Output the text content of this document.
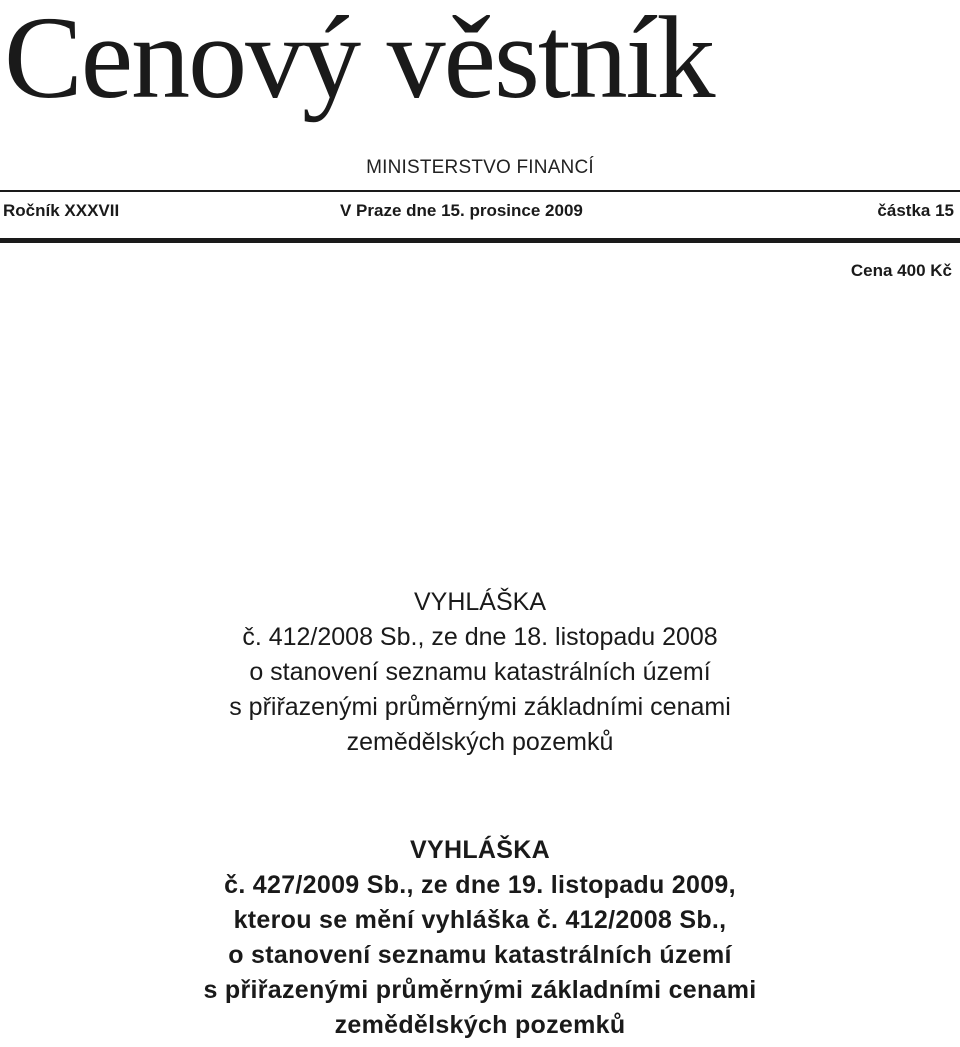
Cenový věstník
MINISTERSTVO FINANCÍ
Ročník XXXVII	V Praze dne 15. prosince 2009	částka 15
Cena 400 Kč
VYHLÁŠKA
č. 412/2008 Sb., ze dne 18. listopadu 2008
o stanovení seznamu katastrálních území
s přiřazenými průměrnými základními cenami
zemědělských pozemků
VYHLÁŠKA
č. 427/2009 Sb., ze dne 19. listopadu 2009,
kterou se mění vyhláška č. 412/2008 Sb.,
o stanovení seznamu katastrálních území
s přiřazenými průměrnými základními cenami
zemědělských pozemků
